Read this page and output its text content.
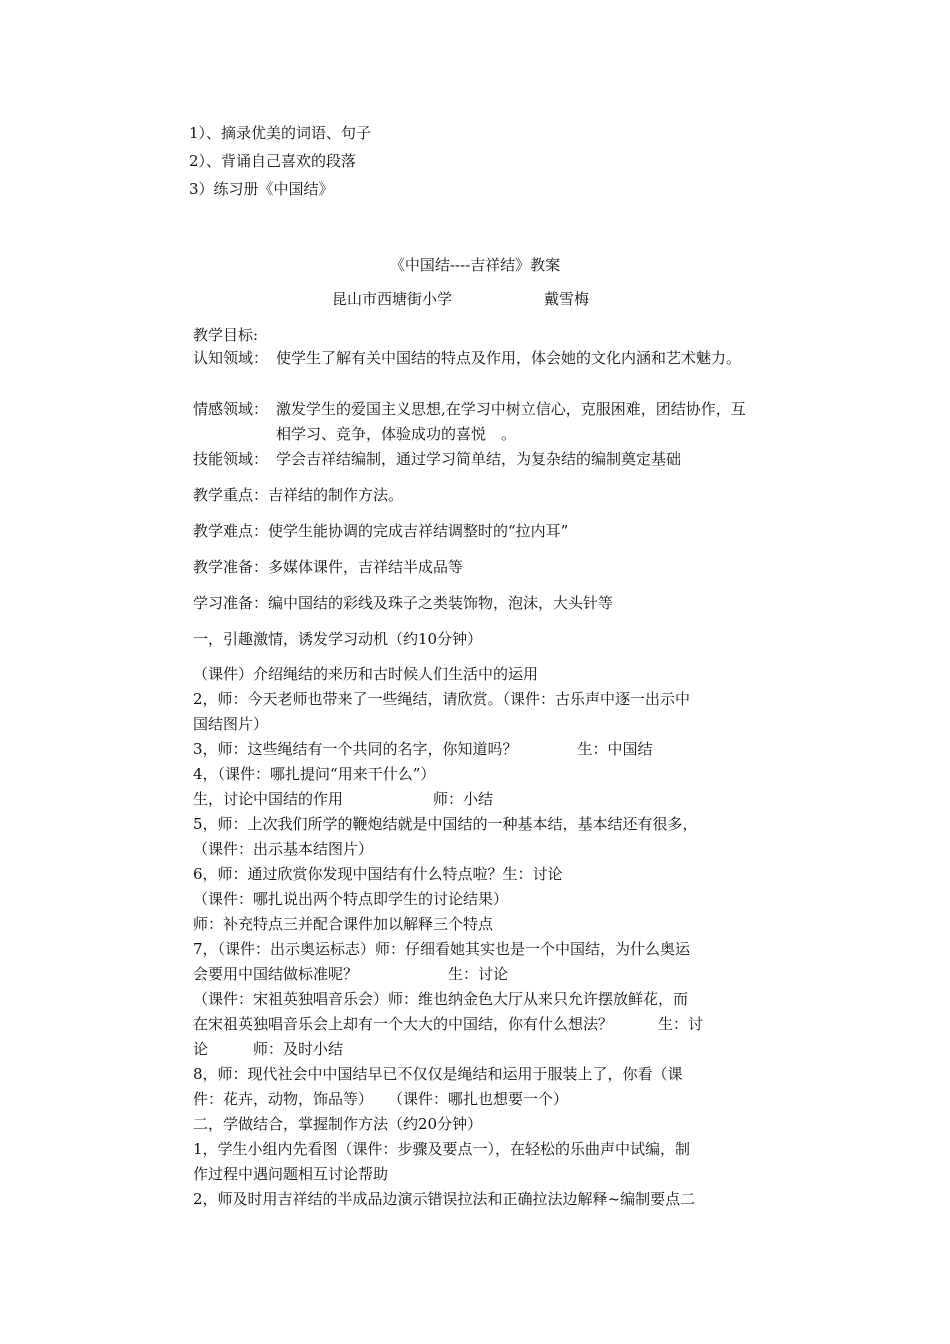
1）、摘录优美的词语、句子
2）、背诵自己喜欢的段落
3）练习册《中国结》
《中国结----吉祥结》教案
昆山市西塘街小学	戴雪梅
教学目标:
认知领域： 使学生了解有关中国结的特点及作用，体会她的文化内涵和艺术魅力。
情感领域： 激发学生的爱国主义思想,在学习中树立信心，克服困难，团结协作，互相学习、竞争，体验成功的喜悦　。
技能领域： 学会吉祥结编制，通过学习简单结，为复杂结的编制奠定基础
教学重点：吉祥结的制作方法。
教学难点：使学生能协调的完成吉祥结调整时的“拉内耳”
教学准备：多媒体课件，吉祥结半成品等
学习准备：编中国结的彩线及珠子之类装饰物，泡沫，大头针等
一，引趣激情，诱发学习动机（约10分钟）
（课件）介绍绳结的来历和古时候人们生活中的运用
2，师：今天老师也带来了一些绳结，请欣赏。（课件：古乐声中逐一出示中
国结图片）
3，师：这些绳结有一个共同的名字，你知道吗？　　　　生：中国结
4，（课件：哪扎提问“用来干什么”）
生，讨论中国结的作用　　　　　　师：小结
5，师：上次我们所学的鞭炮结就是中国结的一种基本结，基本结还有很多，
（课件：出示基本结图片）
6，师：通过欣赏你发现中国结有什么特点啦？生：讨论
（课件：哪扎说出两个特点即学生的讨论结果）
师：补充特点三并配合课件加以解释三个特点
7，（课件：出示奥运标志）师：仔细看她其实也是一个中国结，为什么奥运
会要用中国结做标准呢？　　　　　　生：讨论
（课件：宋祖英独唱音乐会）师：维也纳金色大厅从来只允许摆放鲜花，而
在宋祖英独唱音乐会上却有一个大大的中国结，你有什么想法？　　　生：讨
论　　　师：及时小结
8，师：现代社会中中国结早已不仅仅是绳结和运用于服装上了，你看（课
件：花卉，动物，饰品等）　　（课件：哪扎也想要一个）
二，学做结合，掌握制作方法（约20分钟）
1，学生小组内先看图（课件：步骤及要点一），在轻松的乐曲声中试编，制
作过程中遇问题相互讨论帮助
2，师及时用吉祥结的半成品边演示错误拉法和正确拉法边解释~编制要点二
